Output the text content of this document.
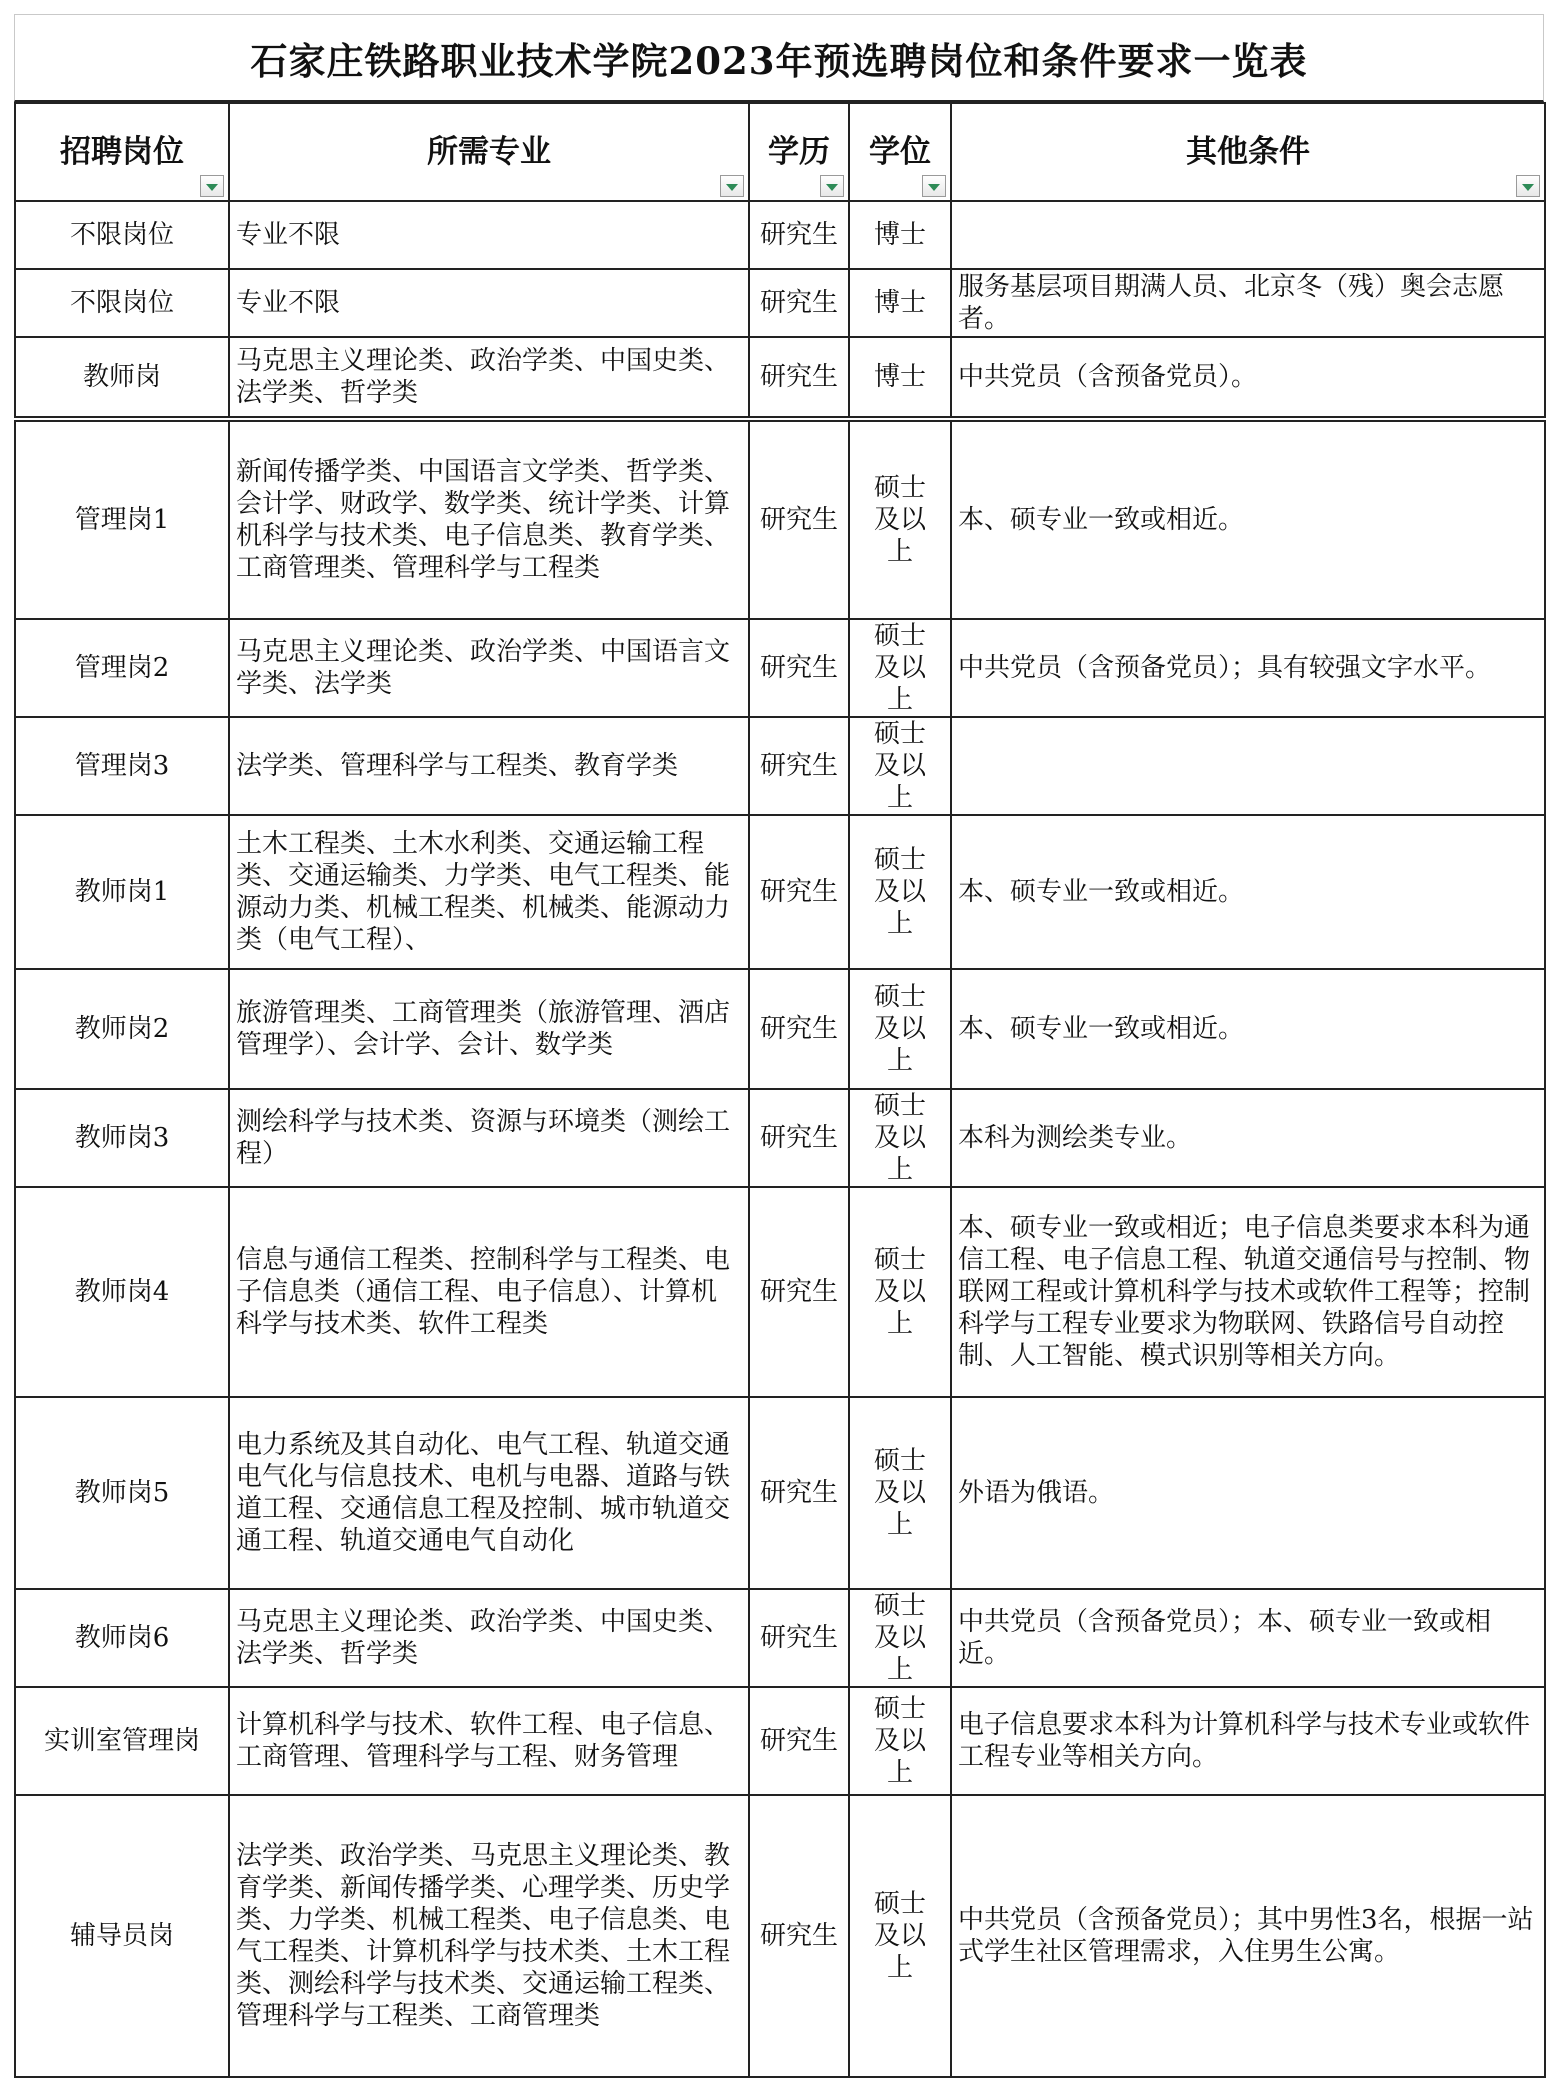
石家庄铁路职业技术学院2023年预选聘岗位和条件要求一览表
招聘岗位	所需专业	学历	学位	其他条件

不限岗位	专业不限	研究生	博士	
不限岗位	专业不限	研究生	博士	服务基层项目期满人员、北京冬（残）奥会志愿者。
教师岗	马克思主义理论类、政治学类、中国史类、法学类、哲学类	研究生	博士	中共党员（含预备党员）。
管理岗1	新闻传播学类、中国语言文学类、哲学类、会计学、财政学、数学类、统计学类、计算机科学与技术类、电子信息类、教育学类、工商管理类、管理科学与工程类	研究生	硕士及以上	本、硕专业一致或相近。
管理岗2	马克思主义理论类、政治学类、中国语言文学类、法学类	研究生	硕士及以上	中共党员（含预备党员）；具有较强文字水平。
管理岗3	法学类、管理科学与工程类、教育学类	研究生	硕士及以上	
教师岗1	土木工程类、土木水利类、交通运输工程类、交通运输类、力学类、电气工程类、能源动力类、机械工程类、机械类、能源动力类（电气工程）、	研究生	硕士及以上	本、硕专业一致或相近。
教师岗2	旅游管理类、工商管理类（旅游管理、酒店管理学）、会计学、会计、数学类	研究生	硕士及以上	本、硕专业一致或相近。
教师岗3	测绘科学与技术类、资源与环境类（测绘工程）	研究生	硕士及以上	本科为测绘类专业。
教师岗4	信息与通信工程类、控制科学与工程类、电子信息类（通信工程、电子信息）、计算机科学与技术类、软件工程类	研究生	硕士及以上	本、硕专业一致或相近；电子信息类要求本科为通信工程、电子信息工程、轨道交通信号与控制、物联网工程或计算机科学与技术或软件工程等；控制科学与工程专业要求为物联网、铁路信号自动控制、人工智能、模式识别等相关方向。
教师岗5	电力系统及其自动化、电气工程、轨道交通电气化与信息技术、电机与电器、道路与铁道工程、交通信息工程及控制、城市轨道交通工程、轨道交通电气自动化	研究生	硕士及以上	外语为俄语。
教师岗6	马克思主义理论类、政治学类、中国史类、法学类、哲学类	研究生	硕士及以上	中共党员（含预备党员）；本、硕专业一致或相近。
实训室管理岗	计算机科学与技术、软件工程、电子信息、工商管理、管理科学与工程、财务管理	研究生	硕士及以上	电子信息要求本科为计算机科学与技术专业或软件工程专业等相关方向。
辅导员岗	法学类、政治学类、马克思主义理论类、教育学类、新闻传播学类、心理学类、历史学类、力学类、机械工程类、电子信息类、电气工程类、计算机科学与技术类、土木工程类、测绘科学与技术类、交通运输工程类、管理科学与工程类、工商管理类	研究生	硕士及以上	中共党员（含预备党员）；其中男性3名，根据一站式学生社区管理需求，入住男生公寓。
